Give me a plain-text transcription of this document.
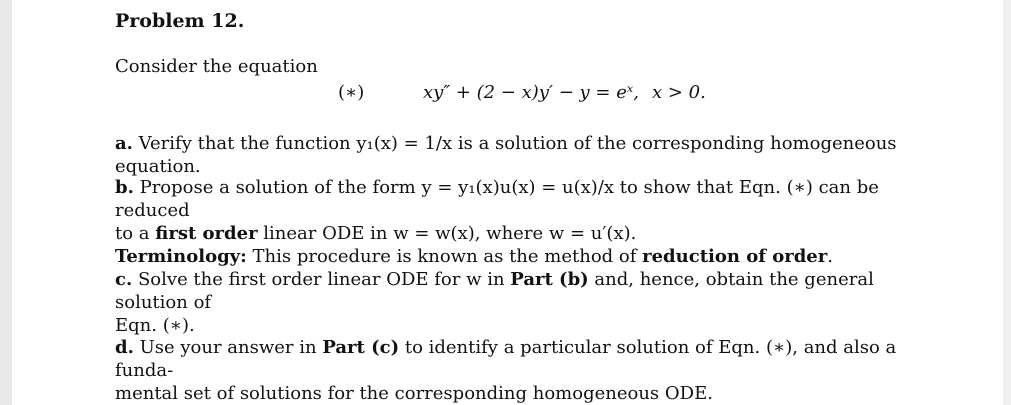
Problem 12.
Consider the equation
(∗)	xy″ + (2 − x)y′ − y = eˣ, x > 0.
a. Verify that the function y₁(x) = 1/x is a solution of the corresponding homogeneous equation.
b. Propose a solution of the form y = y₁(x)u(x) = u(x)/x to show that Eqn. (∗) can be reduced
to a first order linear ODE in w = w(x), where w = u′(x).
Terminology: This procedure is known as the method of reduction of order.
c. Solve the first order linear ODE for w in Part (b) and, hence, obtain the general solution of
Eqn. (∗).
d. Use your answer in Part (c) to identify a particular solution of Eqn. (∗), and also a funda-
mental set of solutions for the corresponding homogeneous ODE.
